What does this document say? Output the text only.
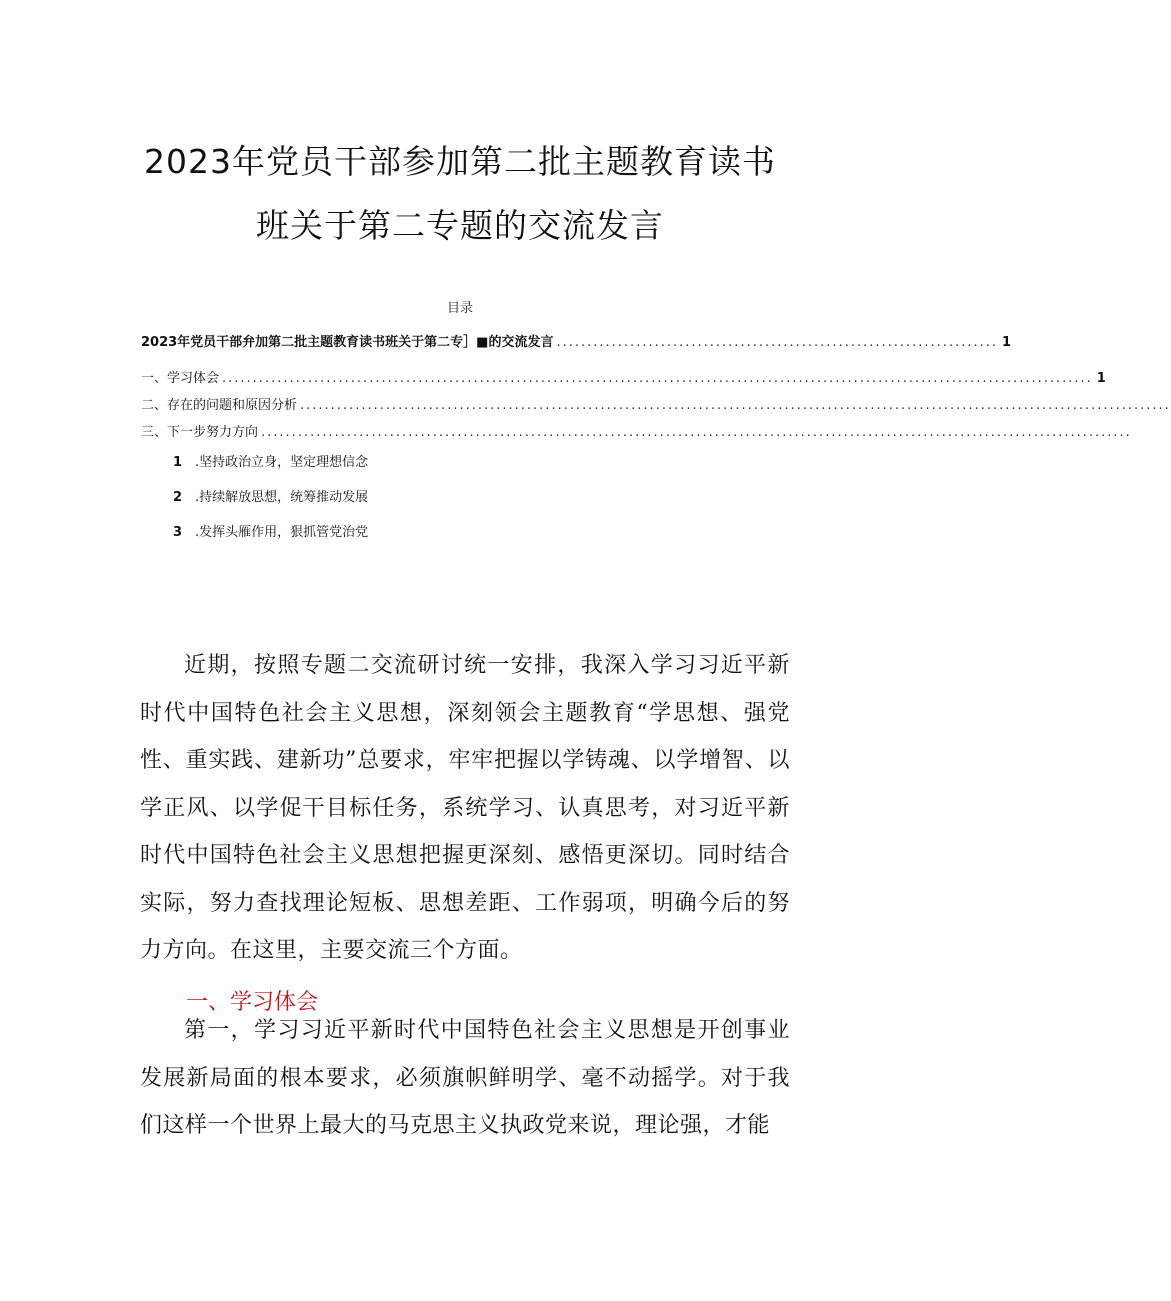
2023年党员干部参加第二批主题教育读书
班关于第二专题的交流发言
目录
2023年党员干部弁加第二批主题教育读书班关于第二专］■的交流发言 ........................................................................ 1
一、学习体会 .............................................................................................................................................. 1
二、存在的问题和原因分析 ..............................................................................................................................................
三、下一步努力方向 ..............................................................................................................................................
1 .坚持政治立身，坚定理想信念
2 .持续解放思想，统筹推动发展
3 .发挥头雁作用，狠抓管党治党
近期，按照专题二交流研讨统一安排，我深入学习习近平新时代中国特色社会主义思想，深刻领会主题教育“学思想、强党性、重实践、建新功”总要求，牢牢把握以学铸魂、以学增智、以学正风、以学促干目标任务，系统学习、认真思考，对习近平新时代中国特色社会主义思想把握更深刻、感悟更深切。同时结合实际，努力查找理论短板、思想差距、工作弱项，明确今后的努力方向。在这里，主要交流三个方面。
一、学习体会
第一，学习习近平新时代中国特色社会主义思想是开创事业发展新局面的根本要求，必须旗帜鲜明学、毫不动摇学。对于我们这样一个世界上最大的马克思主义执政党来说，理论强，才能
